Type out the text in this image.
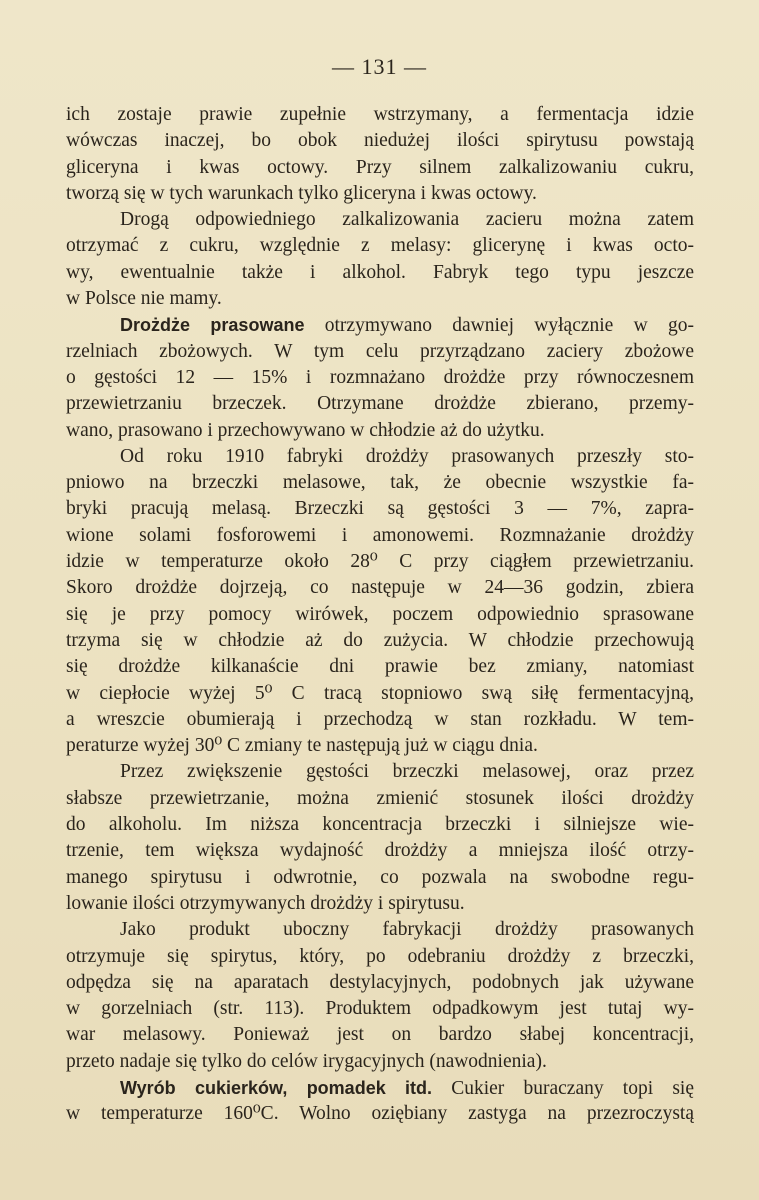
— 131 —
ich zostaje prawie zupełnie wstrzymany, a fermentacja idzie
wówczas inaczej, bo obok niedużej ilości spirytusu powstają
gliceryna i kwas octowy. Przy silnem zalkalizowaniu cukru,
tworzą się w tych warunkach tylko gliceryna i kwas octowy.
Drogą odpowiedniego zalkalizowania zacieru można zatem
otrzymać z cukru, względnie z melasy: glicerynę i kwas octo-
wy, ewentualnie także i alkohol. Fabryk tego typu jeszcze
w Polsce nie mamy.
Drożdże prasowane otrzymywano dawniej wyłącznie w go-
rzelniach zbożowych. W tym celu przyrządzano zaciery zbożowe
o gęstości 12 — 15% i rozmnażano drożdże przy równoczesnem
przewietrzaniu brzeczek. Otrzymane drożdże zbierano, przemy-
wano, prasowano i przechowywano w chłodzie aż do użytku.
Od roku 1910 fabryki drożdży prasowanych przeszły sto-
pniowo na brzeczki melasowe, tak, że obecnie wszystkie fa-
bryki pracują melasą. Brzeczki są gęstości 3 — 7%, zapra-
wione solami fosforowemi i amonowemi. Rozmnażanie drożdży
idzie w temperaturze około 28⁰ C przy ciągłem przewietrzaniu.
Skoro drożdże dojrzeją, co następuje w 24—36 godzin, zbiera
się je przy pomocy wirówek, poczem odpowiednio sprasowane
trzyma się w chłodzie aż do zużycia. W chłodzie przechowują
się drożdże kilkanaście dni prawie bez zmiany, natomiast
w ciepłocie wyżej 5⁰ C tracą stopniowo swą siłę fermentacyjną,
a wreszcie obumierają i przechodzą w stan rozkładu. W tem-
peraturze wyżej 30⁰ C zmiany te następują już w ciągu dnia.
Przez zwiększenie gęstości brzeczki melasowej, oraz przez
słabsze przewietrzanie, można zmienić stosunek ilości drożdży
do alkoholu. Im niższa koncentracja brzeczki i silniejsze wie-
trzenie, tem większa wydajność drożdży a mniejsza ilość otrzy-
manego spirytusu i odwrotnie, co pozwala na swobodne regu-
lowanie ilości otrzymywanych drożdży i spirytusu.
Jako produkt uboczny fabrykacji drożdży prasowanych
otrzymuje się spirytus, który, po odebraniu drożdży z brzeczki,
odpędza się na aparatach destylacyjnych, podobnych jak używane
w gorzelniach (str. 113). Produktem odpadkowym jest tutaj wy-
war melasowy. Ponieważ jest on bardzo słabej koncentracji,
przeto nadaje się tylko do celów irygacyjnych (nawodnienia).
Wyrób cukierków, pomadek itd. Cukier buraczany topi się
w temperaturze 160⁰C. Wolno oziębiany zastyga na przezroczystą
